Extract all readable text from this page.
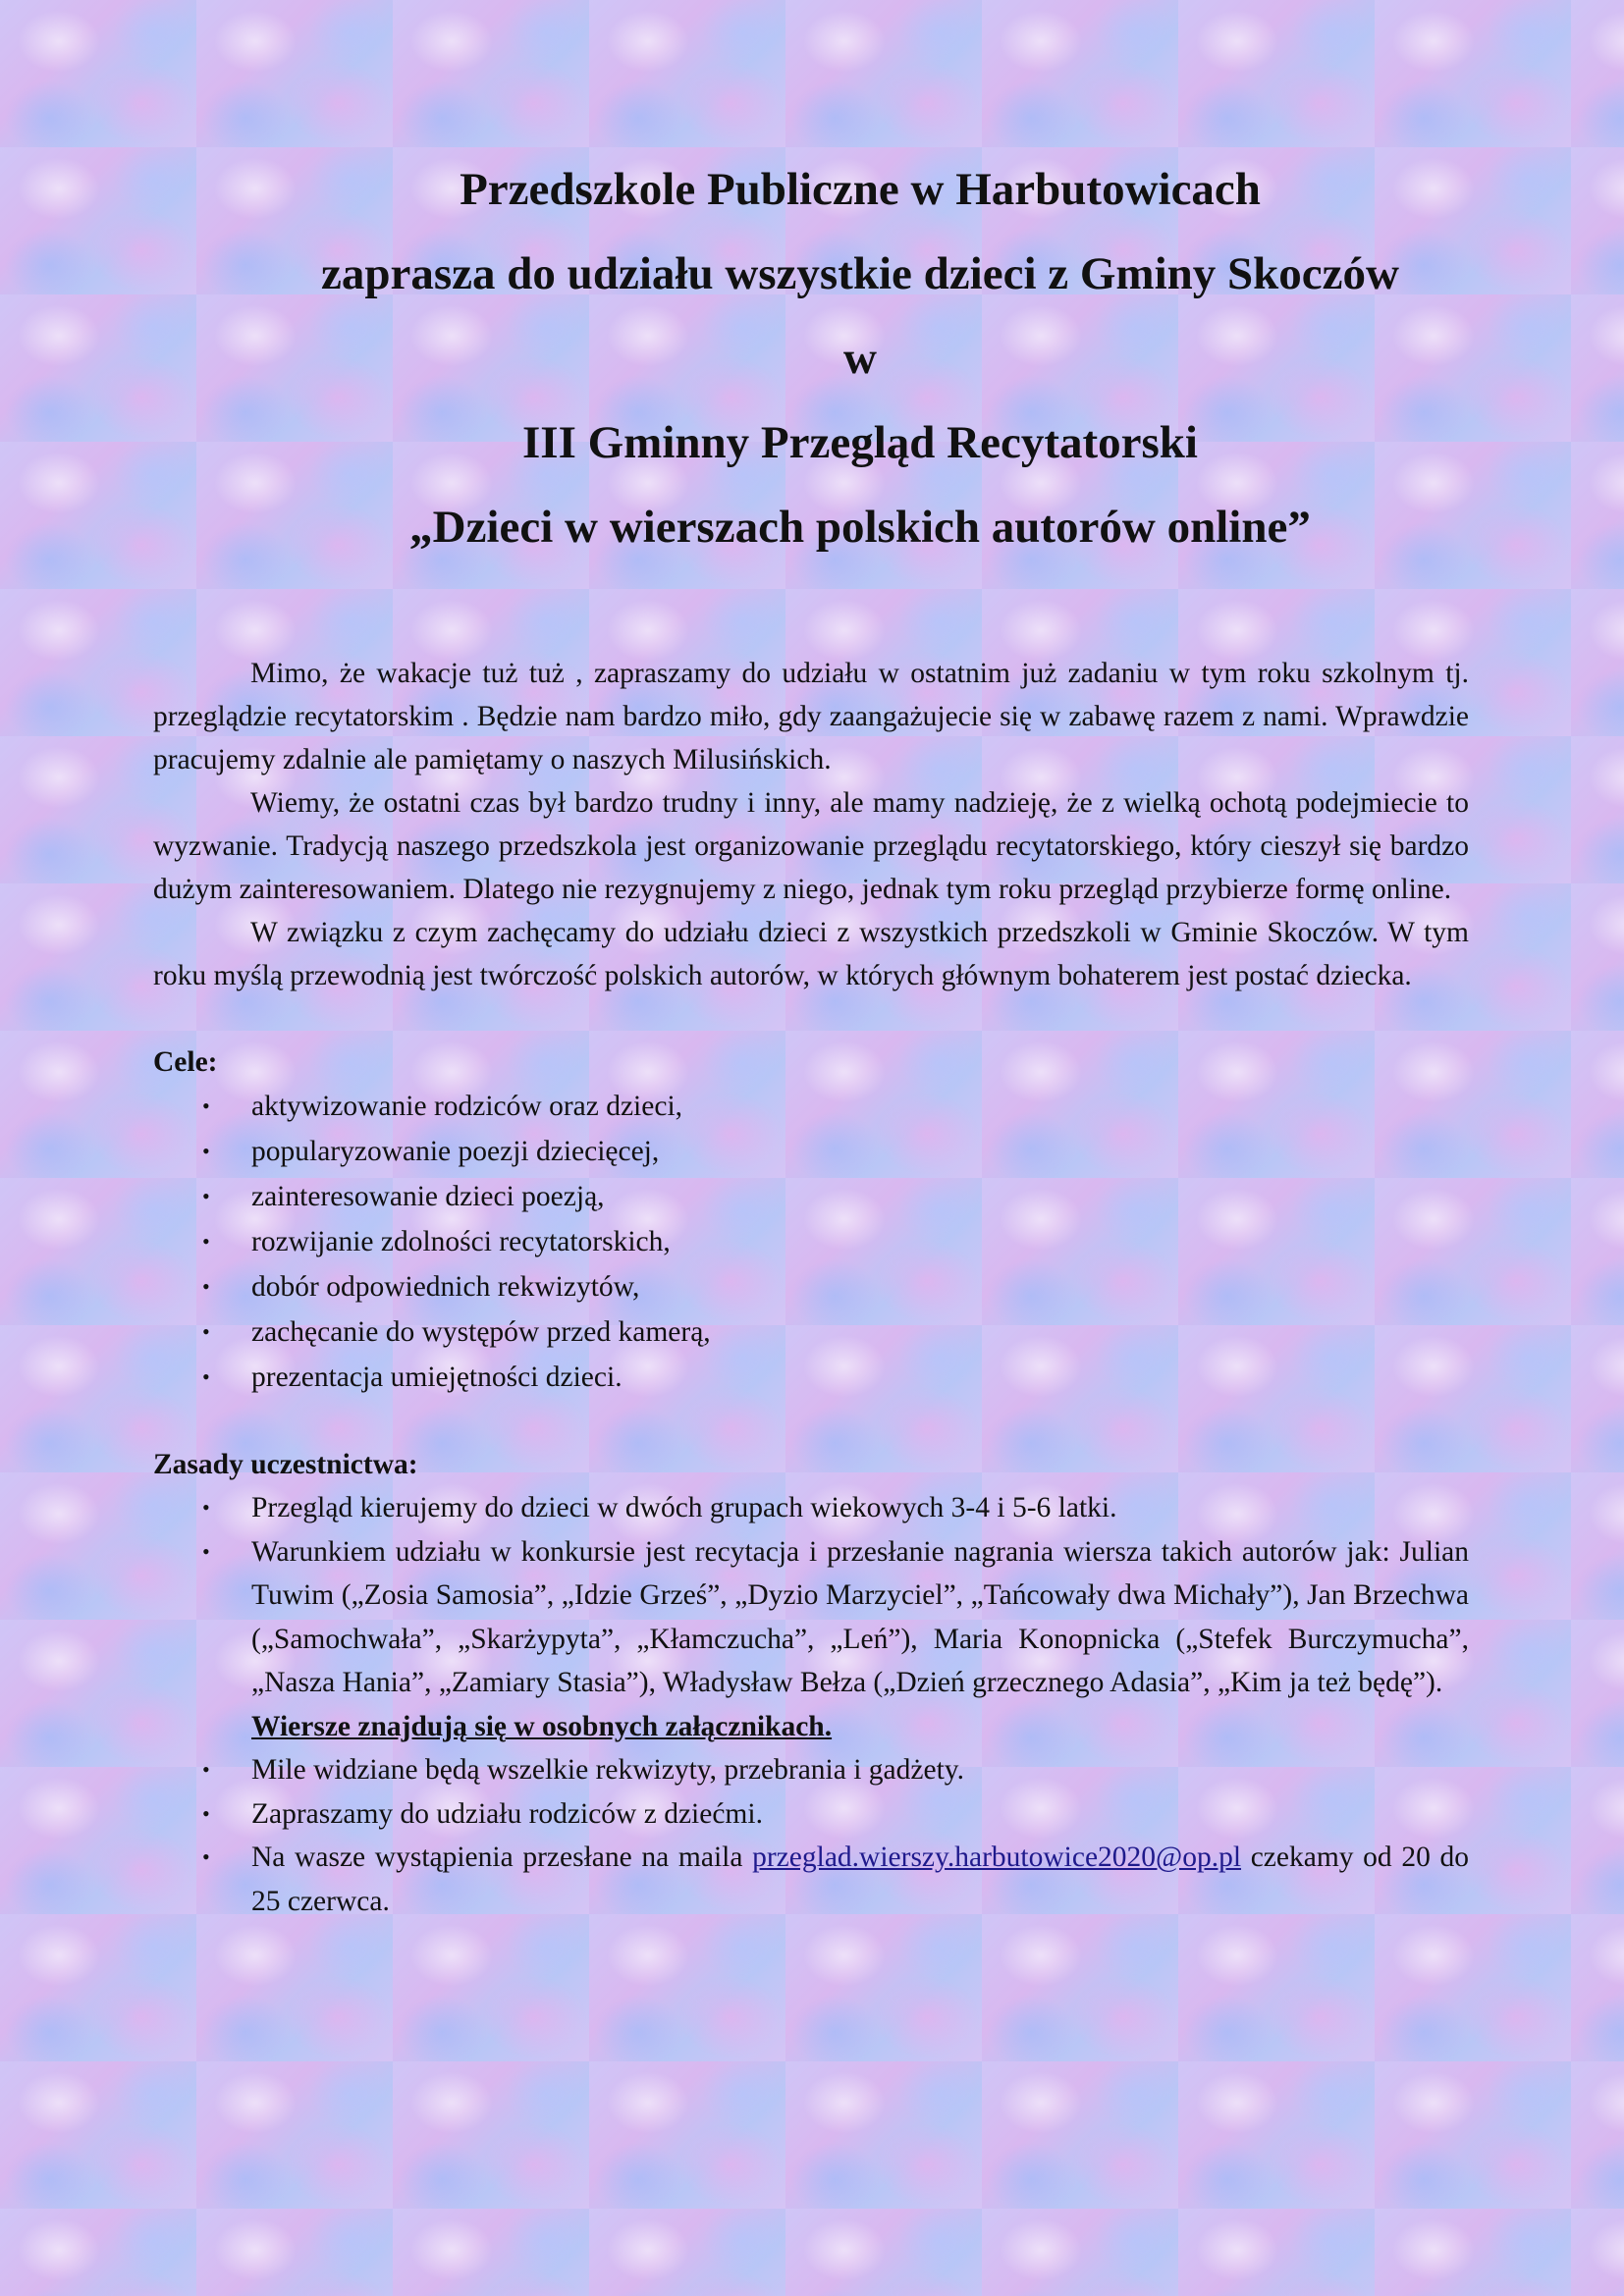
Przedszkole Publiczne w Harbutowicach
zaprasza do udziału wszystkie dzieci z Gminy Skoczów
w
III Gminny Przegląd Recytatorski
„Dzieci w wierszach polskich autorów online”

Mimo, że wakacje tuż tuż , zapraszamy do udziału w ostatnim już zadaniu w tym roku szkolnym tj. przeglądzie recytatorskim . Będzie nam bardzo miło, gdy zaangażujecie się w zabawę razem z nami. Wprawdzie pracujemy zdalnie ale pamiętamy o naszych Milusińskich.

Wiemy, że ostatni czas był bardzo trudny i inny, ale mamy nadzieję, że z wielką ochotą podejmiecie to wyzwanie. Tradycją naszego przedszkola jest organizowanie przeglądu recytatorskiego, który cieszył się bardzo dużym zainteresowaniem. Dlatego nie rezygnujemy z niego, jednak tym roku przegląd przybierze formę online.

W związku z czym zachęcamy do udziału dzieci z wszystkich przedszkoli w Gminie Skoczów. W tym roku myślą przewodnią jest twórczość polskich autorów, w których głównym bohaterem jest postać dziecka.

Cele:

• aktywizowanie rodziców oraz dzieci,
• popularyzowanie poezji dziecięcej,
• zainteresowanie dzieci poezją,
• rozwijanie zdolności recytatorskich,
• dobór odpowiednich rekwizytów,
• zachęcanie do występów przed kamerą,
• prezentacja umiejętności dzieci.

Zasady uczestnictwa:

• Przegląd kierujemy do dzieci w dwóch grupach wiekowych 3-4 i 5-6 latki.
• Warunkiem udziału w konkursie jest recytacja i przesłanie nagrania wiersza takich autorów jak: Julian Tuwim („Zosia Samosia”, „Idzie Grześ”, „Dyzio Marzyciel”, „Tańcowały dwa Michały”), Jan Brzechwa („Samochwała”, „Skarżypyta”, „Kłamczucha”, „Leń”), Maria Konopnicka („Stefek Burczymucha”, „Nasza Hania”, „Zamiary Stasia”), Władysław Bełza („Dzień grzecznego Adasia”, „Kim ja też będę”).
Wiersze znajdują się w osobnych załącznikach.
• Mile widziane będą wszelkie rekwizyty, przebrania i gadżety.
• Zapraszamy do udziału rodziców z dziećmi.
• Na wasze wystąpienia przesłane na maila przeglad.wierszy.harbutowice2020@op.pl czekamy od 20 do 25 czerwca.
